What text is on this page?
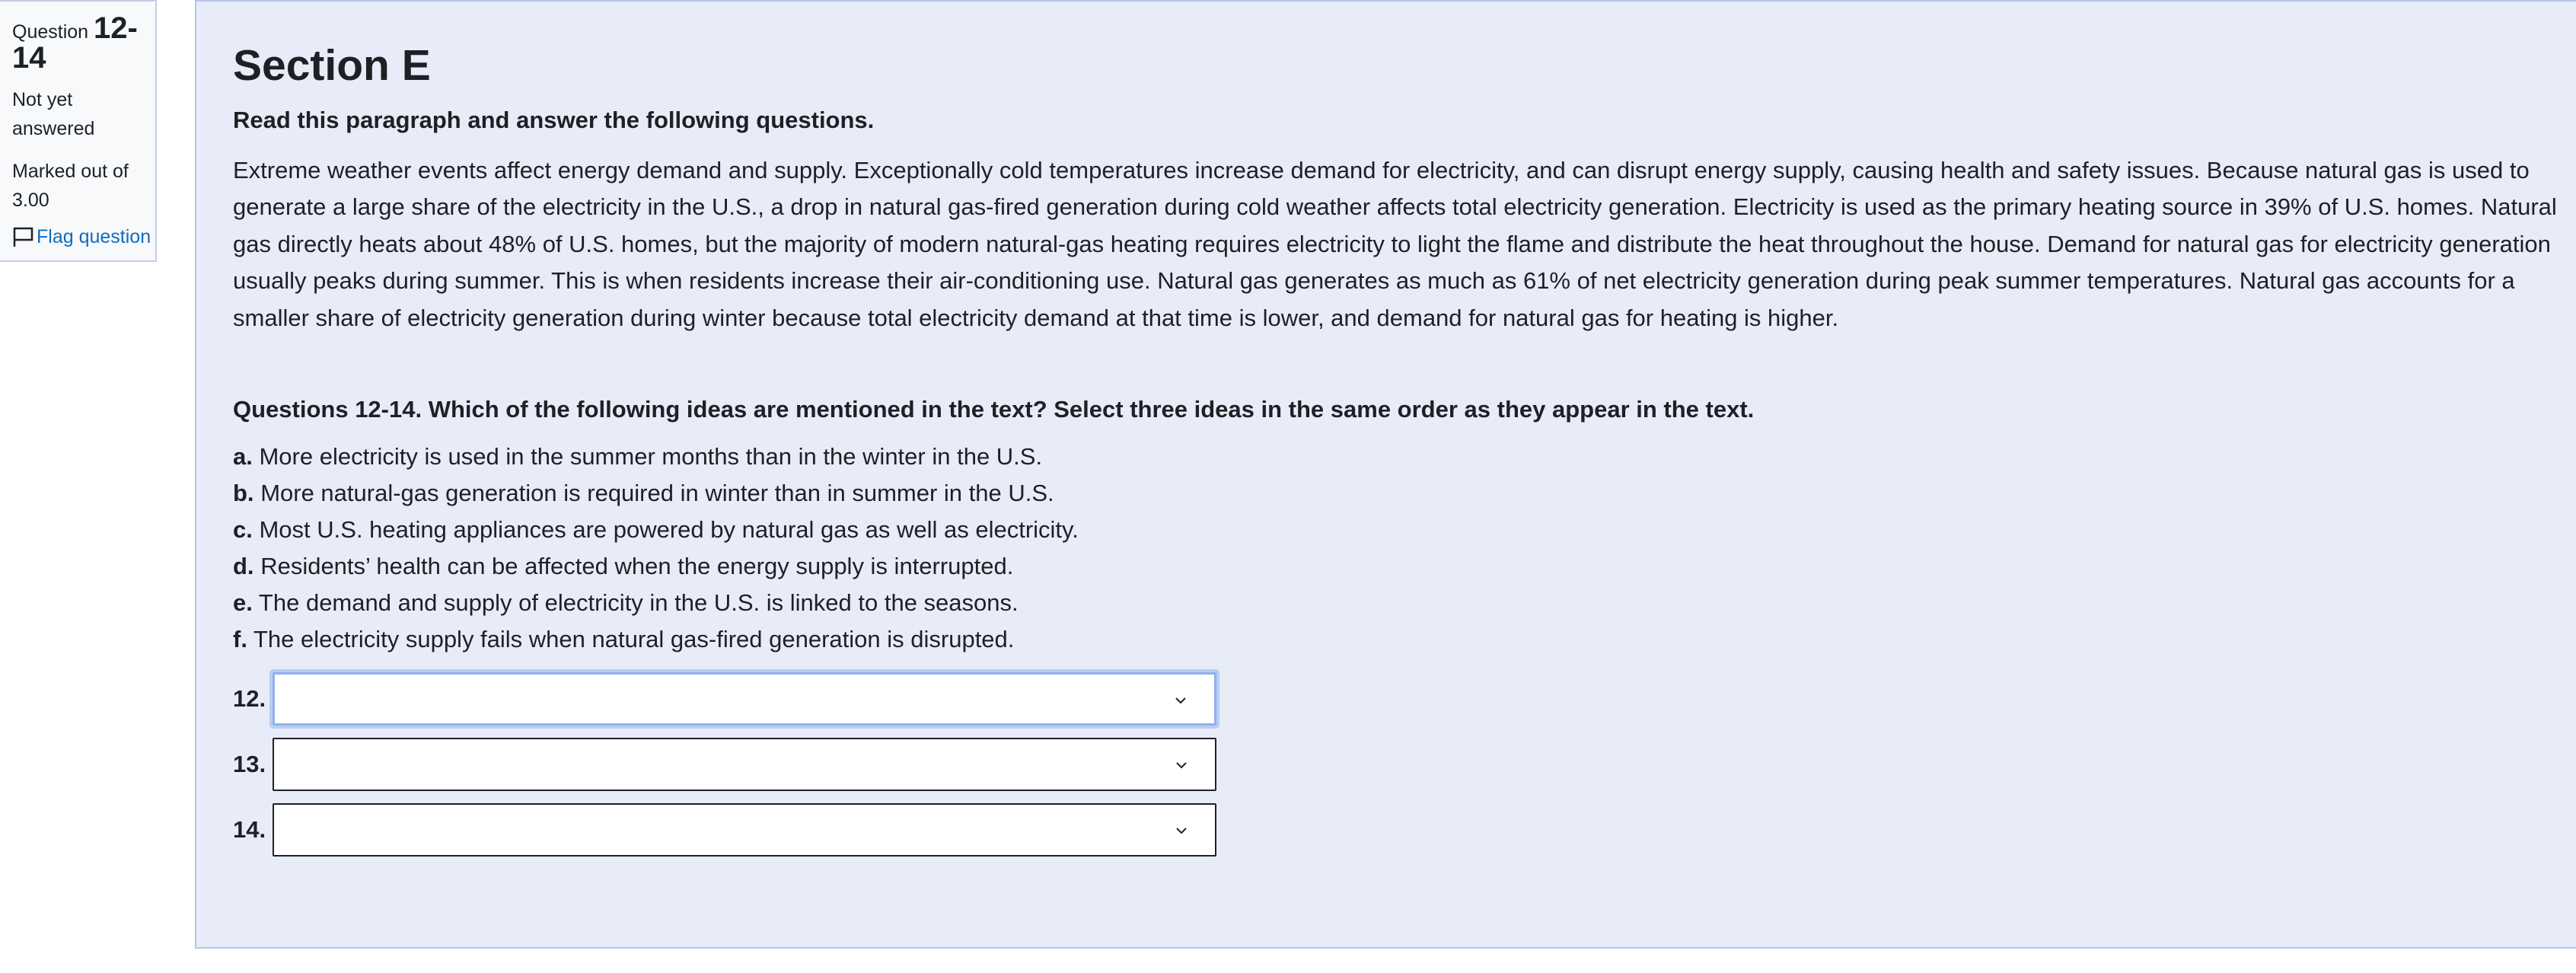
Question 12-

14

Not yet answered

Marked out of 3.00

Flag question
Section E

Read this paragraph and answer the following questions.

Extreme weather events affect energy demand and supply. Exceptionally cold temperatures increase demand for electricity, and can disrupt energy supply, causing health and safety issues. Because natural gas is used to generate a large share of the electricity in the U.S., a drop in natural gas-fired generation during cold weather affects total electricity generation. Electricity is used as the primary heating source in 39% of U.S. homes. Natural gas directly heats about 48% of U.S. homes, but the majority of modern natural-gas heating requires electricity to light the flame and distribute the heat throughout the house. Demand for natural gas for electricity generation usually peaks during summer. This is when residents increase their air-conditioning use. Natural gas generates as much as 61% of net electricity generation during peak summer temperatures. Natural gas accounts for a smaller share of electricity generation during winter because total electricity demand at that time is lower, and demand for natural gas for heating is higher.

Questions 12-14. Which of the following ideas are mentioned in the text? Select three ideas in the same order as they appear in the text.

a. More electricity is used in the summer months than in the winter in the U.S.
b. More natural-gas generation is required in winter than in summer in the U.S.
c. Most U.S. heating appliances are powered by natural gas as well as electricity.
d. Residents’ health can be affected when the energy supply is interrupted.
e. The demand and supply of electricity in the U.S. is linked to the seasons.
f. The electricity supply fails when natural gas-fired generation is disrupted.
12.
13.
14.
